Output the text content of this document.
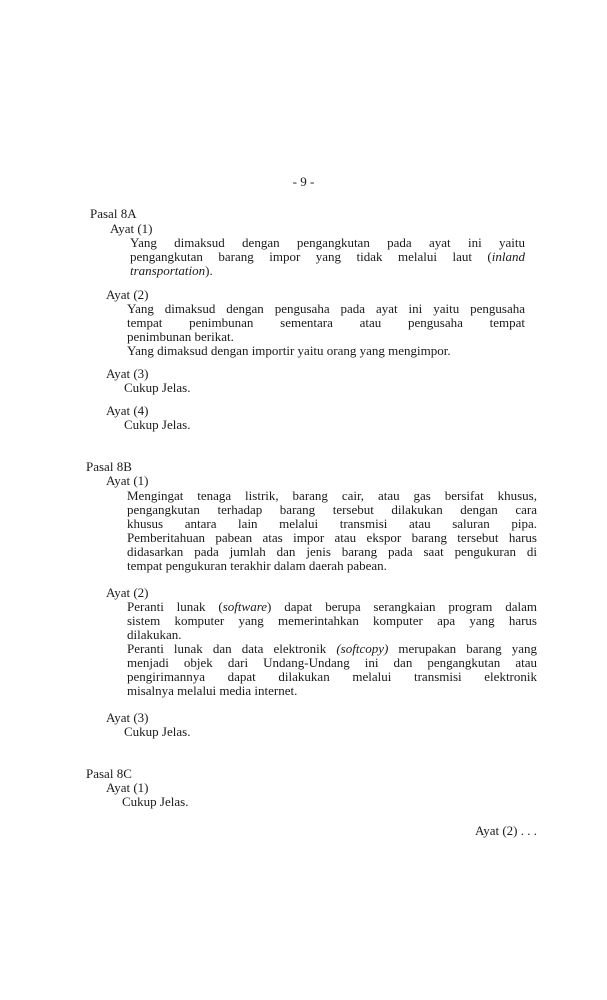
- 9 -
Pasal 8A
Ayat (1)
Yang dimaksud dengan pengangkutan pada ayat ini yaitu
pengangkutan barang impor yang tidak melalui laut (inland
transportation).
Ayat (2)
Yang dimaksud dengan pengusaha pada ayat ini yaitu pengusaha
tempat penimbunan sementara atau pengusaha tempat
penimbunan berikat.
Yang dimaksud dengan importir yaitu orang yang mengimpor.
Ayat (3)
Cukup Jelas.
Ayat (4)
Cukup Jelas.
Pasal 8B
Ayat (1)
Mengingat tenaga listrik, barang cair, atau gas bersifat khusus,
pengangkutan terhadap barang tersebut dilakukan dengan cara
khusus antara lain melalui transmisi atau saluran pipa.
Pemberitahuan pabean atas impor atau ekspor barang tersebut harus
didasarkan pada jumlah dan jenis barang pada saat pengukuran di
tempat pengukuran terakhir dalam daerah pabean.
Ayat (2)
Peranti lunak (software) dapat berupa serangkaian program dalam
sistem komputer yang memerintahkan komputer apa yang harus
dilakukan.
Peranti lunak dan data elektronik (softcopy) merupakan barang yang
menjadi objek dari Undang-Undang ini dan pengangkutan atau
pengirimannya dapat dilakukan melalui transmisi elektronik
misalnya melalui media internet.
Ayat (3)
Cukup Jelas.
Pasal 8C
Ayat (1)
Cukup Jelas.
Ayat (2) . . .
